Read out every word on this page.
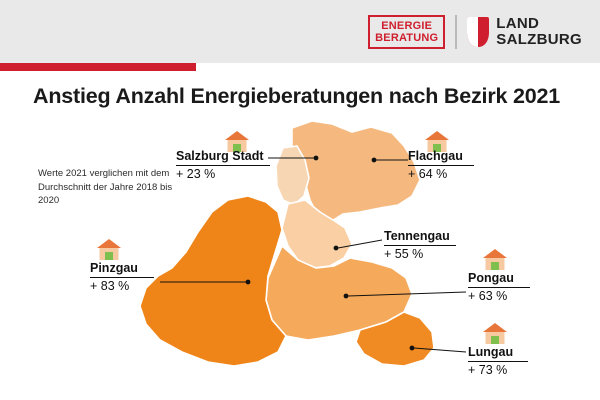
ENERGIE
BERATUNG
LAND
SALZBURG
Anstieg Anzahl Energieberatungen nach Bezirk 2021
Werte 2021 verglichen mit dem Durchschnitt der Jahre 2018 bis 2020
Salzburg Stadt
+ 23 %
Flachgau
+ 64 %
Tennengau
+ 55 %
Pinzgau
+ 83 %
Pongau
+ 63 %
Lungau
+ 73 %
